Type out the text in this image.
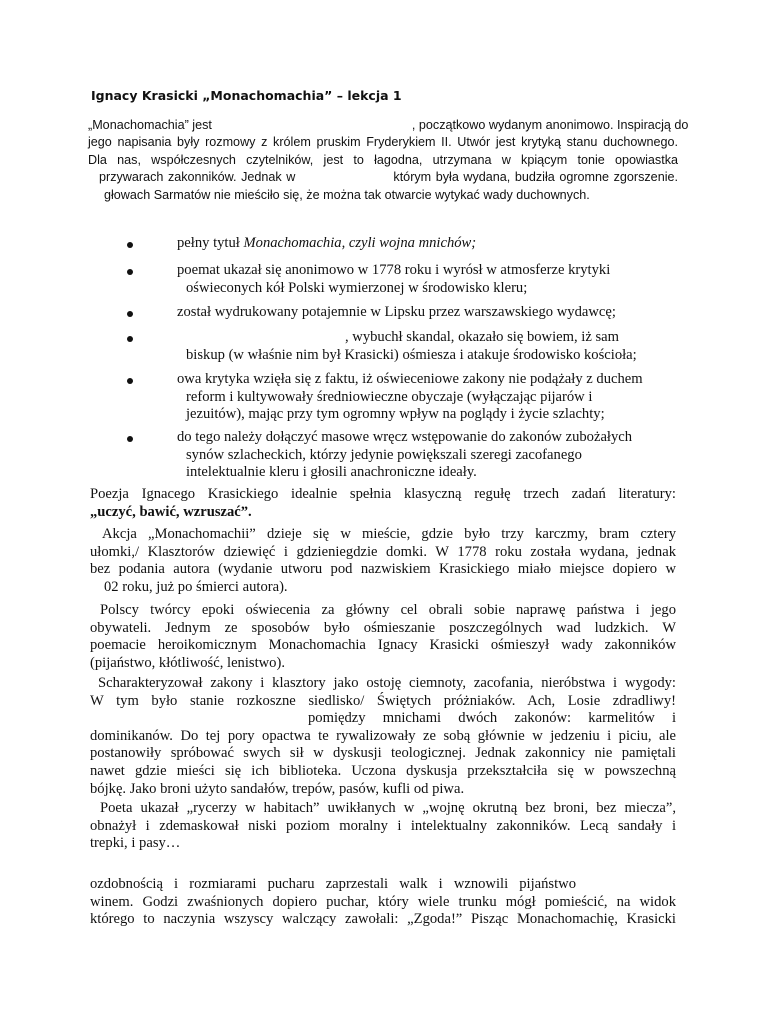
Ignacy Krasicki „Monachomachia” – lekcja 1
„Monachomachia” jest	, początkowo wydanym anonimowo. Inspiracją do
jego napisania były rozmowy z królem pruskim Fryderykiem II. Utwór jest krytyką stanu duchownego.
Dla nas, współczesnych czytelników, jest to łagodna, utrzymana w kpiącym tonie opowiastka
przywarach zakonników. Jednak w	którym była wydana, budziła ogromne zgorszenie.
głowach Sarmatów nie mieściło się, że można tak otwarcie wytykać wady duchownych.
pełny tytuł Monachomachia, czyli wojna mnichów;
poemat ukazał się anonimowo w 1778 roku i wyrósł w atmosferze krytyki
oświeconych kół Polski wymierzonej w środowisko kleru;
został wydrukowany potajemnie w Lipsku przez warszawskiego wydawcę;
, wybuchł skandal, okazało się bowiem, iż sam
biskup (w właśnie nim był Krasicki) ośmiesza i atakuje środowisko kościoła;
owa krytyka wzięła się z faktu, iż oświeceniowe zakony nie podążały z duchem
reform i kultywowały średniowieczne obyczaje (wyłączając pijarów i
jezuitów), mając przy tym ogromny wpływ na poglądy i życie szlachty;
do tego należy dołączyć masowe wręcz wstępowanie do zakonów zubożałych
synów szlacheckich, którzy jedynie powiększali szeregi zacofanego
intelektualnie kleru i głosili anachroniczne ideały.
Poezja Ignacego Krasickiego idealnie spełnia klasyczną regułę trzech zadań literatury:
„uczyć, bawić, wzruszać”.
Akcja „Monachomachii” dzieje się w mieście, gdzie było trzy karczmy, bram cztery
ułomki,/ Klasztorów dziewięć i gdzieniegdzie domki. W 1778 roku została wydana, jednak
bez podania autora (wydanie utworu pod nazwiskiem Krasickiego miało miejsce dopiero w
02 roku, już po śmierci autora).
Polscy twórcy epoki oświecenia za główny cel obrali sobie naprawę państwa i jego
obywateli. Jednym ze sposobów było ośmieszanie poszczególnych wad ludzkich. W
poemacie heroikomicznym Monachomachia Ignacy Krasicki ośmieszył wady zakonników
(pijaństwo, kłótliwość, lenistwo).
Scharakteryzował zakony i klasztory jako ostoję ciemnoty, zacofania, nieróbstwa i wygody:
W tym było stanie rozkoszne siedlisko/ Świętych próżniaków. Ach, Losie zdradliwy!
pomiędzy mnichami dwóch zakonów: karmelitów i
dominikanów. Do tej pory opactwa te rywalizowały ze sobą głównie w jedzeniu i piciu, ale
postanowiły spróbować swych sił w dyskusji teologicznej. Jednak zakonnicy nie pamiętali
nawet gdzie mieści się ich biblioteka. Uczona dyskusja przekształciła się w powszechną
bójkę. Jako broni użyto sandałów, trepów, pasów, kufli od piwa.
Poeta ukazał „rycerzy w habitach” uwikłanych w „wojnę okrutną bez broni, bez miecza”,
obnażył i zdemaskował niski poziom moralny i intelektualny zakonników. Lecą sandały i
trepki, i pasy…
ozdobnością i rozmiarami pucharu zaprzestali walk i wznowili pijaństwo
winem. Godzi zwaśnionych dopiero puchar, który wiele trunku mógł pomieścić, na widok
którego to naczynia wszyscy walczący zawołali: „Zgoda!” Pisząc Monachomachię, Krasicki
